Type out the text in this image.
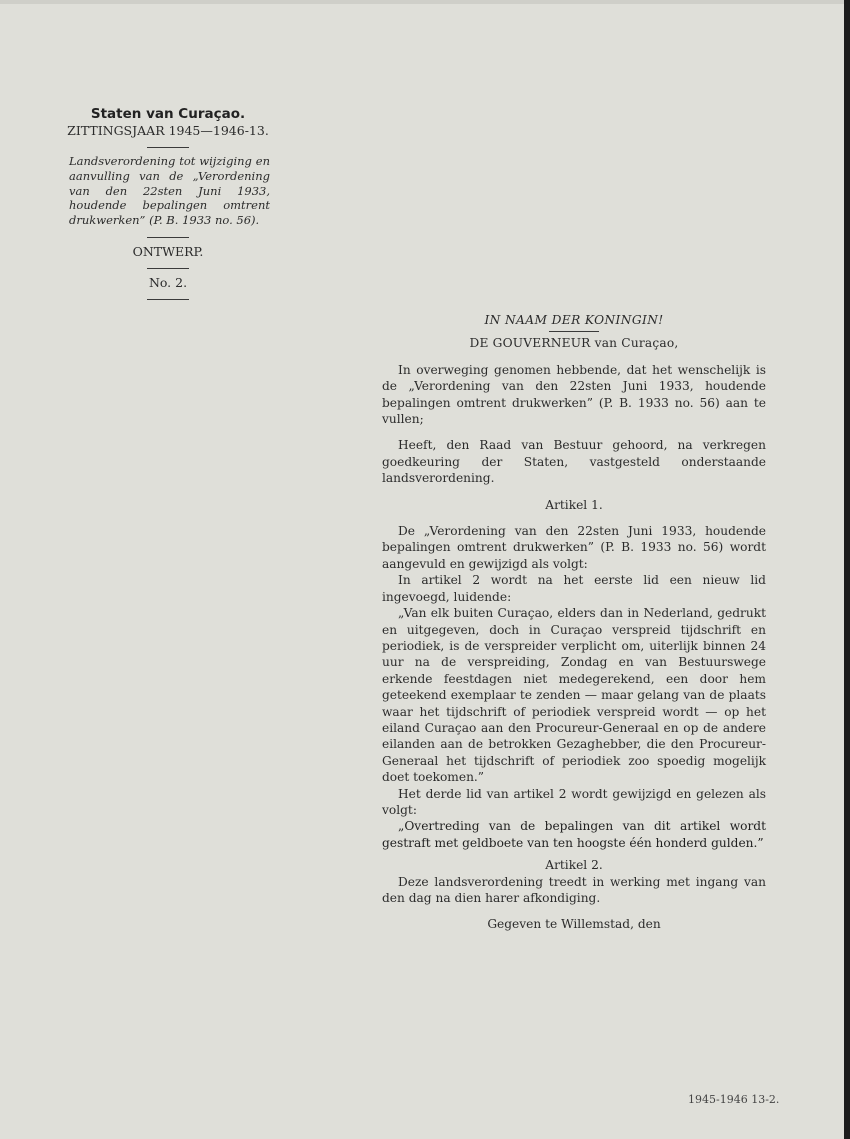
Staten van Curaçao.
ZITTINGSJAAR 1945—1946-13.

Landsverordening tot wijziging en aanvulling van de „Verordening van den 22sten Juni 1933, houdende bepalingen omtrent drukwerken” (P. B. 1933 no. 56).

ONTWERP.
No. 2.
IN NAAM DER KONINGIN!
DE GOUVERNEUR van Curaçao,

In overweging genomen hebbende, dat het wenschelijk is de „Verordening van den 22sten Juni 1933, houdende bepalingen omtrent drukwerken” (P. B. 1933 no. 56) aan te vullen;

Heeft, den Raad van Bestuur gehoord, na verkregen goedkeuring der Staten, vastgesteld onderstaande landsverordening.

Artikel 1.

De „Verordening van den 22sten Juni 1933, houdende bepalingen omtrent drukwerken” (P. B. 1933 no. 56) wordt aangevuld en gewijzigd als volgt:

In artikel 2 wordt na het eerste lid een nieuw lid ingevoegd, luidende:

„Van elk buiten Curaçao, elders dan in Nederland, gedrukt en uitgegeven, doch in Curaçao verspreid tijdschrift en periodiek, is de verspreider verplicht om, uiterlijk binnen 24 uur na de verspreiding, Zondag en van Bestuurswege erkende feestdagen niet medegerekend, een door hem geteekend exemplaar te zenden — maar gelang van de plaats waar het tijdschrift of periodiek verspreid wordt — op het eiland Curaçao aan den Procureur-Generaal en op de andere eilanden aan de betrokken Gezaghebber, die den Procureur-Generaal het tijdschrift of periodiek zoo spoedig mogelijk doet toekomen.”

Het derde lid van artikel 2 wordt gewijzigd en gelezen als volgt:

„Overtreding van de bepalingen van dit artikel wordt gestraft met geldboete van ten hoogste één honderd gulden.”

Artikel 2.

Deze landsverordening treedt in werking met ingang van den dag na dien harer afkondiging.

Gegeven te Willemstad, den
1945-1946 13-2.
